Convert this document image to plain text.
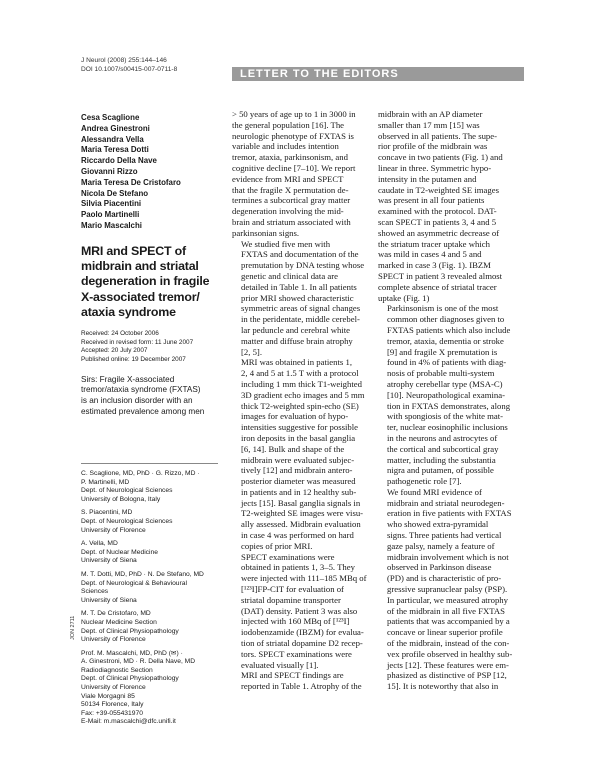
J Neurol (2008) 255:144–146
DOI 10.1007/s00415-007-0711-8	LETTER TO THE EDITORS
Cesa Scaglione
Andrea Ginestroni
Alessandra Vella
Maria Teresa Dotti
Riccardo Della Nave
Giovanni Rizzo
Maria Teresa De Cristofaro
Nicola De Stefano
Silvia Piacentini
Paolo Martinelli
Mario Mascalchi
MRI and SPECT of
midbrain and striatal
degeneration in fragile
X-associated tremor/
ataxia syndrome
Received: 24 October 2006
Received in revised form: 11 June 2007
Accepted: 20 July 2007
Published online: 19 December 2007
Sirs: Fragile X-associated
tremor/ataxia syndrome (FXTAS)
is an inclusion disorder with an
estimated prevalence among men
C. Scaglione, MD, PhD · G. Rizzo, MD ·
P. Martinelli, MD
Dept. of Neurological Sciences
University of Bologna, Italy
S. Piacentini, MD
Dept. of Neurological Sciences
University of Florence
A. Vella, MD
Dept. of Nuclear Medicine
University of Siena
M. T. Dotti, MD, PhD · N. De Stefano, MD
Dept. of Neurological & Behavioural
Sciences
University of Siena
M. T. De Cristofaro, MD
Nuclear Medicine Section
Dept. of Clinical Physiopathology
University of Florence
Prof. M. Mascalchi, MD, PhD (✉) ·
A. Ginestroni, MD · R. Della Nave, MD
Radiodiagnostic Section
Dept. of Clinical Physiopathology
University of Florence
Viale Morgagni 85
50134 Florence, Italy
Fax: +39-055431970
E-Mail: m.mascalchi@dfc.unifi.it
JON 2711

> 50 years of age up to 1 in 3000 in
the general population [16]. The
neurologic phenotype of FXTAS is
variable and includes intention
tremor, ataxia, parkinsonism, and
cognitive decline [7–10]. We report
evidence from MRI and SPECT
that the fragile X permutation de-
termines a subcortical gray matter
degeneration involving the mid-
brain and striatum associated with
parkinsonian signs.

We studied five men with
FXTAS and documentation of the
premutation by DNA testing whose
genetic and clinical data are
detailed in Table 1. In all patients
prior MRI showed characteristic
symmetric areas of signal changes
in the peridentate, middle cerebel-
lar peduncle and cerebral white
matter and diffuse brain atrophy
[2, 5].

MRI was obtained in patients 1,
2, 4 and 5 at 1.5 T with a protocol
including 1 mm thick T1-weighted
3D gradient echo images and 5 mm
thick T2-weighted spin-echo (SE)
images for evaluation of hypo-
intensities suggestive for possible
iron deposits in the basal ganglia
[6, 14]. Bulk and shape of the
midbrain were evaluated subjec-
tively [12] and midbrain antero-
posterior diameter was measured
in patients and in 12 healthy sub-
jects [15]. Basal ganglia signals in
T2-weighted SE images were visu-
ally assessed. Midbrain evaluation
in case 4 was performed on hard
copies of prior MRI.

SPECT examinations were
obtained in patients 1, 3–5. They
were injected with 111–185 MBq of
[¹²³I]FP-CIT for evaluation of
striatal dopamine transporter
(DAT) density. Patient 3 was also
injected with 160 MBq of [¹²³I]
iodobenzamide (IBZM) for evalua-
tion of striatal dopamine D2 recep-
tors. SPECT examinations were
evaluated visually [1].

MRI and SPECT findings are
reported in Table 1. Atrophy of the

midbrain with an AP diameter
smaller than 17 mm [15] was
observed in all patients. The supe-
rior profile of the midbrain was
concave in two patients (Fig. 1) and
linear in three. Symmetric hypo-
intensity in the putamen and
caudate in T2-weighted SE images
was present in all four patients
examined with the protocol. DAT-
scan SPECT in patients 3, 4 and 5
showed an asymmetric decrease of
the striatum tracer uptake which
was mild in cases 4 and 5 and
marked in case 3 (Fig. 1). IBZM
SPECT in patient 3 revealed almost
complete absence of striatal tracer
uptake (Fig. 1)

Parkinsonism is one of the most
common other diagnoses given to
FXTAS patients which also include
tremor, ataxia, dementia or stroke
[9] and fragile X premutation is
found in 4% of patients with diag-
nosis of probable multi-system
atrophy cerebellar type (MSA-C)
[10]. Neuropathological examina-
tion in FXTAS demonstrates, along
with spongiosis of the white mat-
ter, nuclear eosinophilic inclusions
in the neurons and astrocytes of
the cortical and subcortical gray
matter, including the substantia
nigra and putamen, of possible
pathogenetic role [7].

We found MRI evidence of
midbrain and striatal neurodegen-
eration in five patients with FXTAS
who showed extra-pyramidal
signs. Three patients had vertical
gaze palsy, namely a feature of
midbrain involvement which is not
observed in Parkinson disease
(PD) and is characteristic of pro-
gressive supranuclear palsy (PSP).
In particular, we measured atrophy
of the midbrain in all five FXTAS
patients that was accompanied by a
concave or linear superior profile
of the midbrain, instead of the con-
vex profile observed in healthy sub-
jects [12]. These features were em-
phasized as distinctive of PSP [12,
15]. It is noteworthy that also in
